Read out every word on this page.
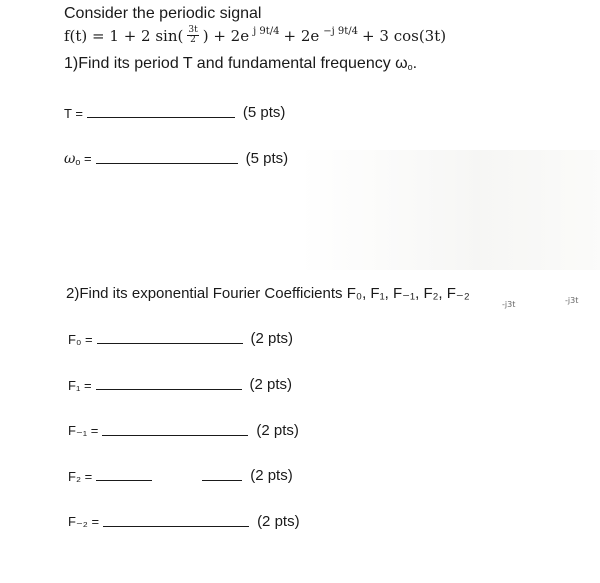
Consider the periodic signal
f(t) = 1 + 2 $\sin( \frac{3t}{2}$ ) + 2e $^{j 9t/4}$ + 2e $^{-j 9t/4}$ + 3 cos(3t)
1)Find its period T and fundamental frequency $\omega_o$.
T =	(5 pts)
$\omega_o$ =	(5 pts)
2)Find its exponential Fourier Coefficients F₀, F₁, F₋₁, F₂, F₋₂
-j3t	-j3t
F₀ =	(2 pts)
F₁ =	(2 pts)
F₋₁ =	(2 pts)
F₂ =	(2 pts)
F₋₂ =	(2 pts)
